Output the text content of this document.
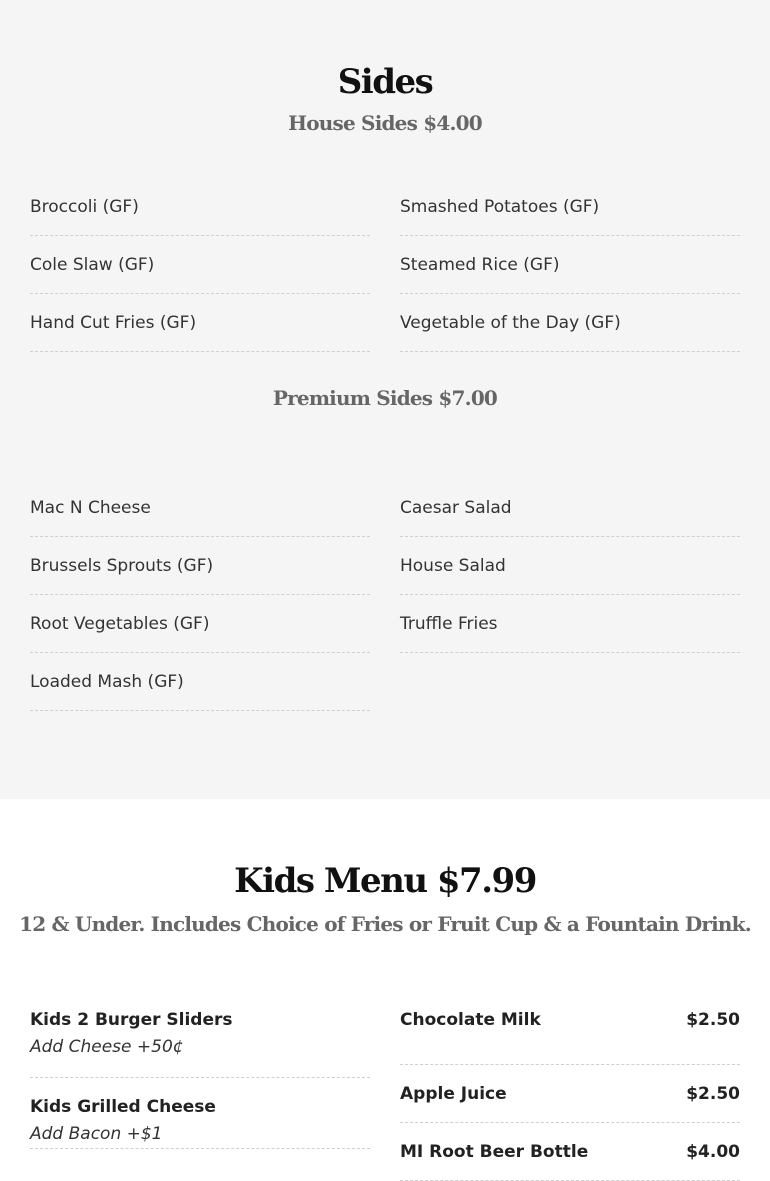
Sides
House Sides $4.00
Broccoli (GF)
Cole Slaw (GF)
Hand Cut Fries (GF)
Smashed Potatoes (GF)
Steamed Rice (GF)
Vegetable of the Day (GF)
Premium Sides $7.00
Mac N Cheese
Brussels Sprouts (GF)
Root Vegetables (GF)
Loaded Mash (GF)
Caesar Salad
House Salad
Truffle Fries
Kids Menu $7.99
12 & Under. Includes Choice of Fries or Fruit Cup & a Fountain Drink.
Kids 2 Burger Sliders
Add Cheese +50¢
Kids Grilled Cheese
Add Bacon +$1
Chocolate Milk	$2.50
Apple Juice	$2.50
MI Root Beer Bottle	$4.00
